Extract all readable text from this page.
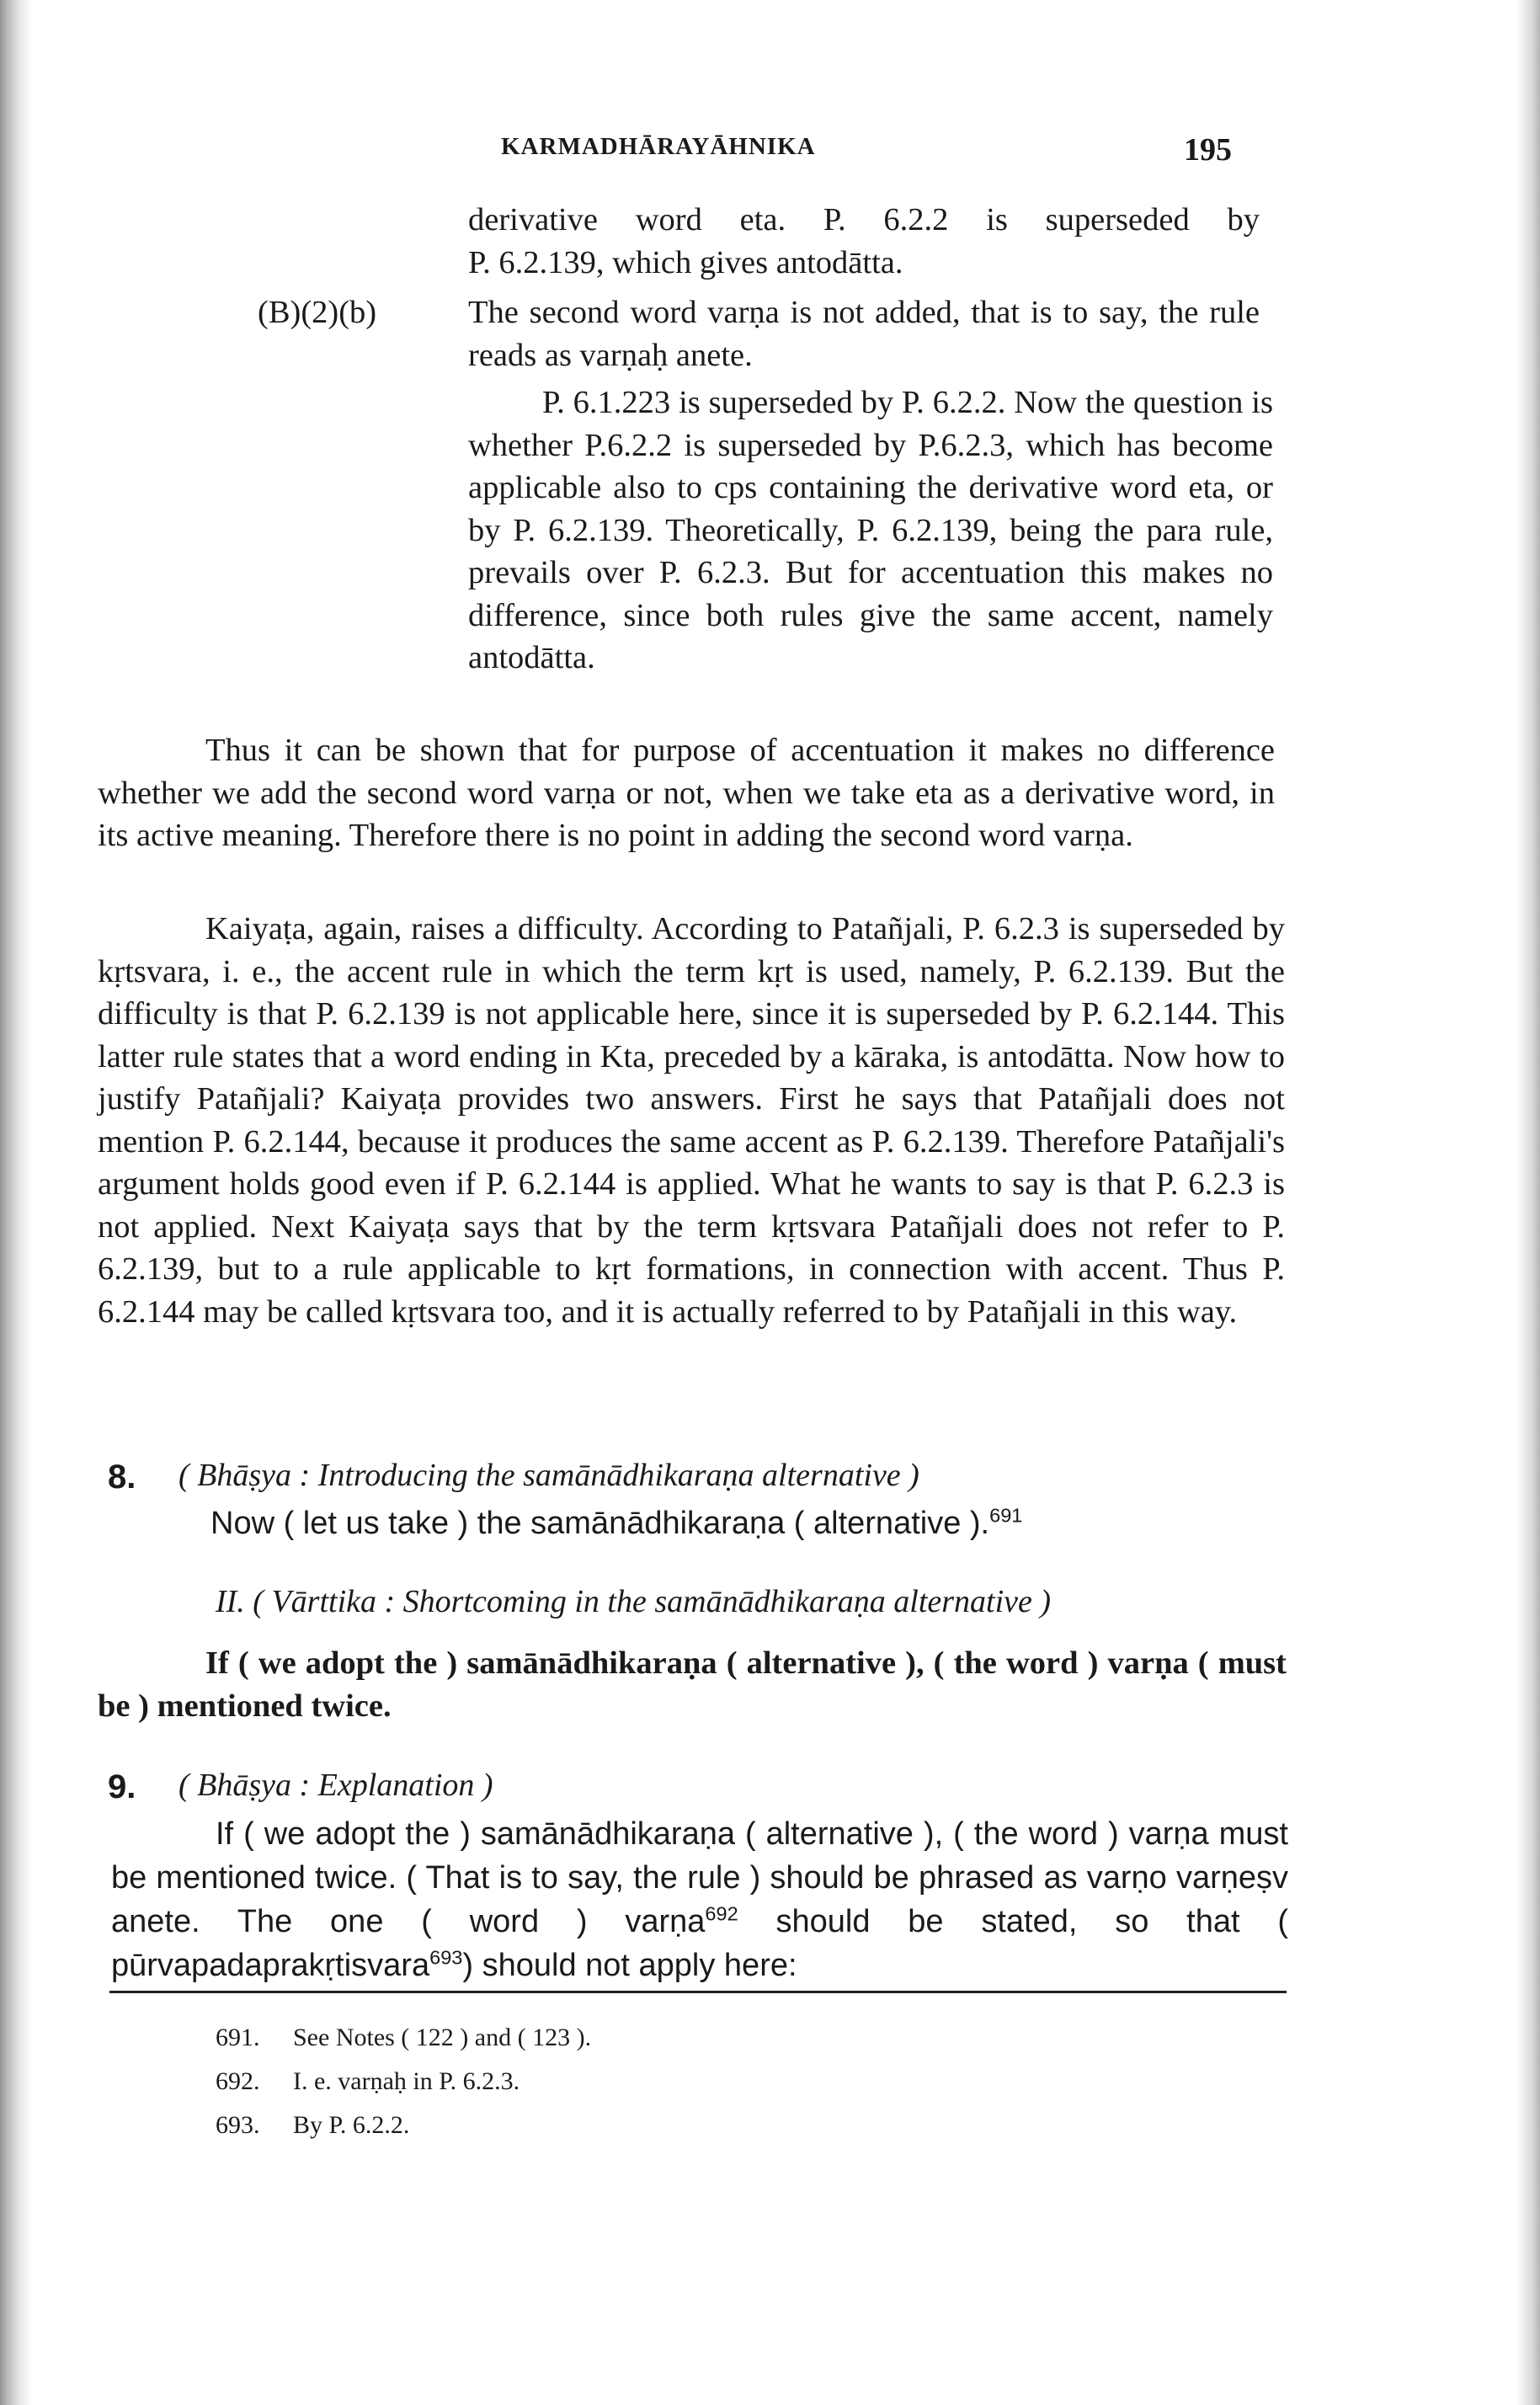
KARMADHĀRAYĀHNIKA	195

derivative word eta. P. 6.2.2 is superseded by

P. 6.2.139, which gives antodātta.

(B)(2)(b)	The second word varṇa is not added, that is to say, the rule reads as varṇaḥ anete.

P. 6.1.223 is superseded by P. 6.2.2. Now the question is whether P.6.2.2 is superseded by P.6.2.3, which has become applicable also to cps containing the derivative word eta, or by P. 6.2.139. Theoretically, P. 6.2.139, being the para rule, prevails over P. 6.2.3. But for accentuation this makes no difference, since both rules give the same accent, namely antodātta.

Thus it can be shown that for purpose of accentuation it makes no difference whether we add the second word varṇa or not, when we take eta as a derivative word, in its active meaning. Therefore there is no point in adding the second word varṇa.

Kaiyaṭa, again, raises a difficulty. According to Patañjali, P. 6.2.3 is superseded by kṛtsvara, i. e., the accent rule in which the term kṛt is used, namely, P. 6.2.139. But the difficulty is that P. 6.2.139 is not applicable here, since it is superseded by P. 6.2.144. This latter rule states that a word ending in Kta, preceded by a kāraka, is antodātta. Now how to justify Patañjali? Kaiyaṭa provides two answers. First he says that Patañjali does not mention P. 6.2.144, because it produces the same accent as P. 6.2.139. Therefore Patañjali's argument holds good even if P. 6.2.144 is applied. What he wants to say is that P. 6.2.3 is not applied. Next Kaiyaṭa says that by the term kṛtsvara Patañjali does not refer to P. 6.2.139, but to a rule applicable to kṛt formations, in connection with accent. Thus P. 6.2.144 may be called kṛtsvara too, and it is actually referred to by Patañjali in this way.

8. ( Bhāṣya : Introducing the samānādhikaraṇa alternative )
Now ( let us take ) the samānādhikaraṇa ( alternative ).$^{691}$
II. ( Vārttika : Shortcoming in the samānādhikaraṇa alternative )

If ( we adopt the ) samānādhikaraṇa ( alternative ), ( the word ) varṇa ( must be ) mentioned twice.

9. ( Bhāṣya : Explanation )

If ( we adopt the ) samānādhikaraṇa ( alternative ), ( the word ) varṇa must be mentioned twice. ( That is to say, the rule ) should be phrased as varṇo varṇeṣv anete. The one ( word ) varṇa$^{692}$ should be stated, so that ( pūrvapadaprakṛtisvara$^{693}$) should not apply here:

691. See Notes ( 122 ) and ( 123 ).
692. I. e. varṇaḥ in P. 6.2.3.
693. By P. 6.2.2.
